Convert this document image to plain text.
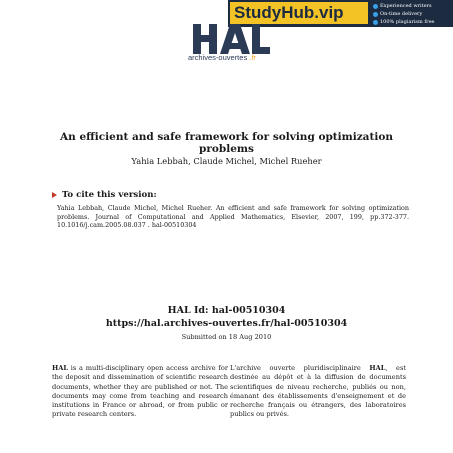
StudyHub.vip	Experienced writers
On-time delivery
100% plagiarism free
archives-ouvertes .fr
An efficient and safe framework for solving optimization problems
Yahia Lebbah, Claude Michel, Michel Rueher
To cite this version:
Yahia Lebbah, Claude Michel, Michel Rueher. An efficient and safe framework for solving optimization problems. Journal of Computational and Applied Mathematics, Elsevier, 2007, 199, pp.372-377. 10.1016/j.cam.2005.08.037 . hal-00510304
HAL Id: hal-00510304
https://hal.archives-ouvertes.fr/hal-00510304
Submitted on 18 Aug 2010
HAL is a multi-disciplinary open access archive for the deposit and dissemination of scientific research documents, whether they are published or not. The documents may come from teaching and research institutions in France or abroad, or from public or private research centers.
L'archive ouverte pluridisciplinaire HAL, est destinée au dépôt et à la diffusion de documents scientifiques de niveau recherche, publiés ou non, émanant des établissements d'enseignement et de recherche français ou étrangers, des laboratoires publics ou privés.
